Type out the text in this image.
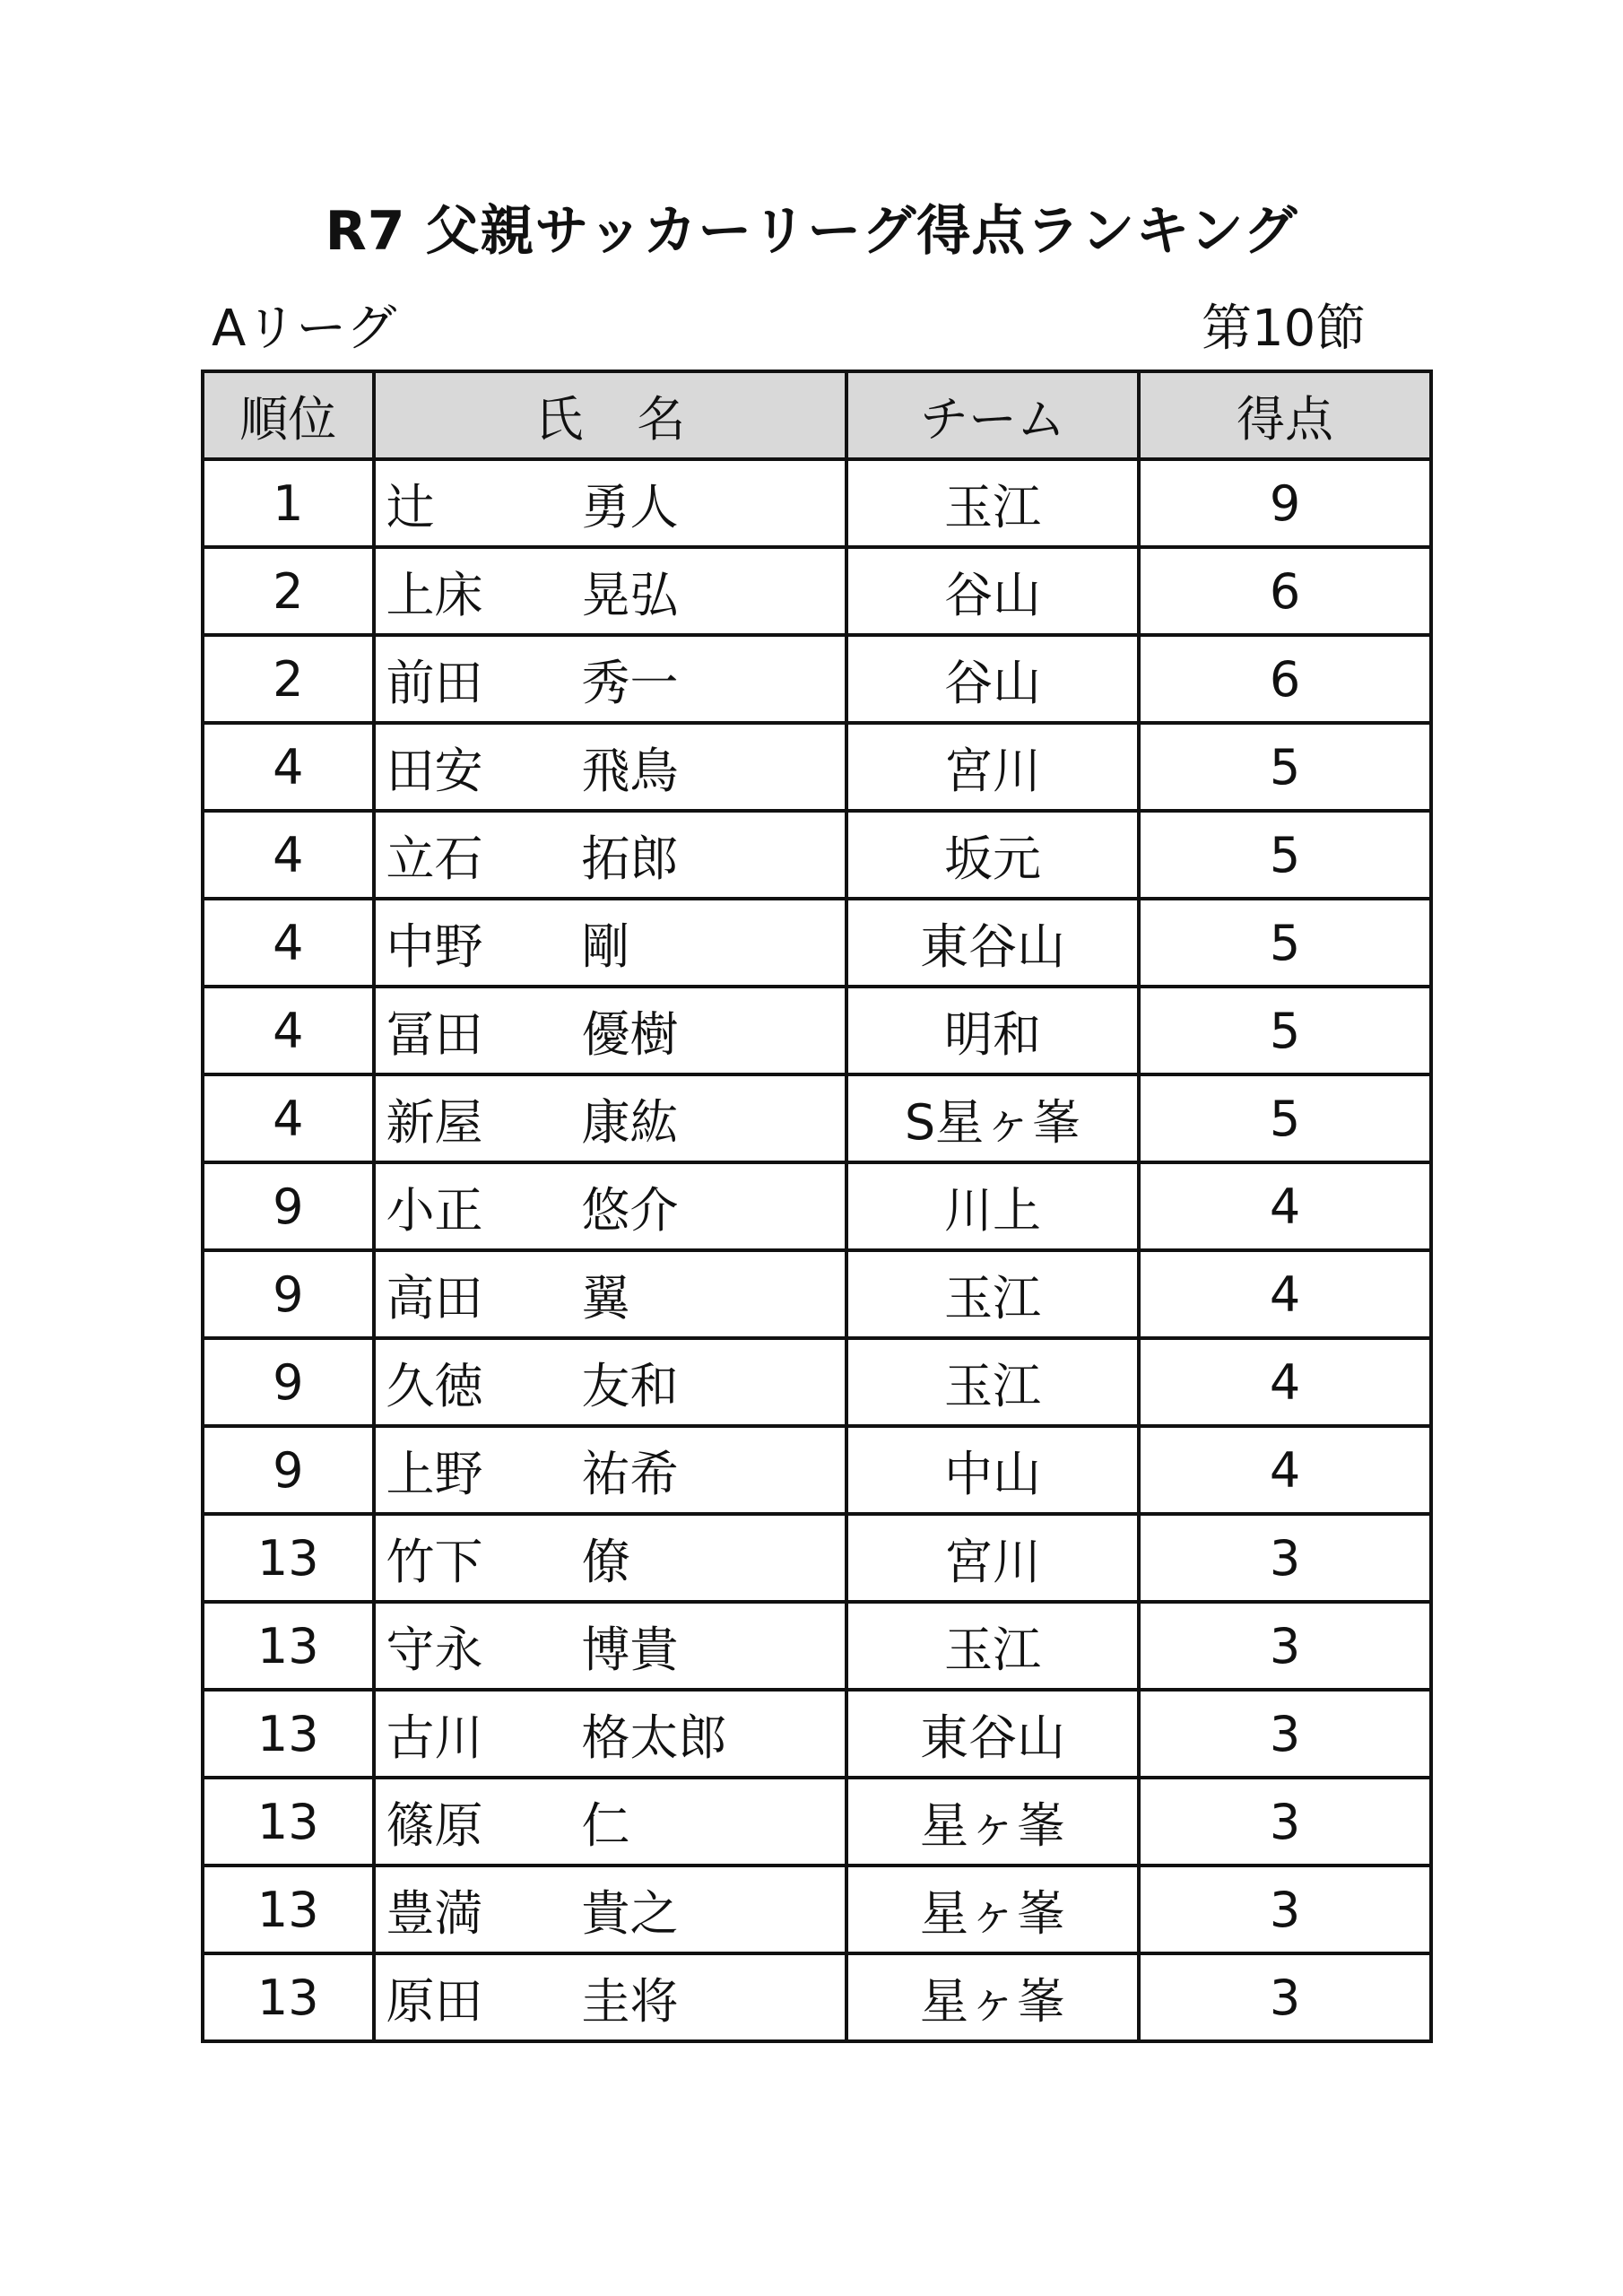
R7 父親サッカーリーグ得点ランキング
Aリーグ	第10節
順位	氏 名	チーム	得点
1	辻 勇人	玉江	9
2	上床 晃弘	谷山	6
2	前田 秀一	谷山	6
4	田安 飛鳥	宮川	5
4	立石 拓郎	坂元	5
4	中野 剛	東谷山	5
4	冨田 優樹	明和	5
4	新屋 康紘	S星ヶ峯	5
9	小正 悠介	川上	4
9	高田 翼	玉江	4
9	久徳 友和	玉江	4
9	上野 祐希	中山	4
13	竹下 僚	宮川	3
13	守永 博貴	玉江	3
13	古川 格太郎	東谷山	3
13	篠原 仁	星ヶ峯	3
13	豊満 貴之	星ヶ峯	3
13	原田 圭将	星ヶ峯	3
